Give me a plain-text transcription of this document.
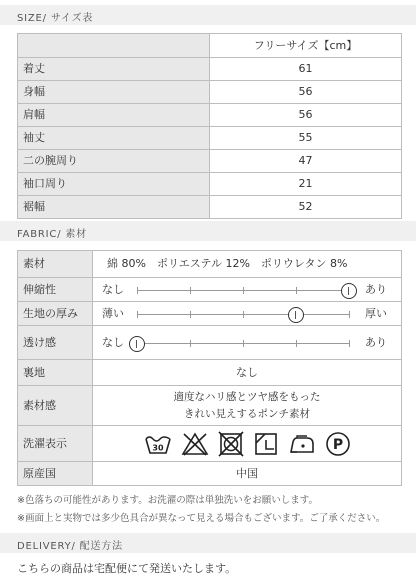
SIZE/ サイズ表
	フリーサイズ【cm】
着丈	61
身幅	56
肩幅	56
袖丈	55
二の腕周り	47
袖口周り	21
裾幅	52
FABRIC/ 素材
素材	綿 80%　ポリエステル 12%　ポリウレタン 8%
伸縮性	なし あり

生地の厚み	薄い 厚い

透け感	なし あり

裏地	なし
素材感	適度なハリ感とツヤ感をもった
きれい見えするポンチ素材

洗濯表示	30 P

原産国	中国
※色落ちの可能性があります。お洗濯の際は単独洗いをお願いします。
※画面上と実物では多少色具合が異なって見える場合もございます。ご了承ください。
DELIVERY/ 配送方法
こちらの商品は宅配便にて発送いたします。
